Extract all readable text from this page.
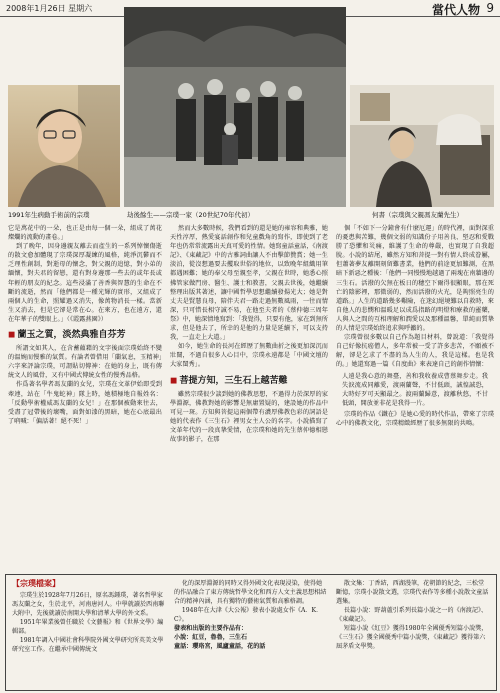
2008年1月26日 星期六	當代人物 9
1991年生病動手術前的宗璞	劫後餘生——宗璞一家（20世紀70年代初）	何書（宗璞與父親馮友蘭先生）
它是萬花中的一朵，也正是由每一個一朵，組成了萬花燦爛的流動的畫卷。」

到了晚年，因身邊親友離去而產生的一系列悼懷傷逝的散文愈加體現了宗璞深厚凝練的風格，純淨沉鬱而不乏理性創制，對逝母的懷念，對父親的追憶，對小弟的緬懷，對夫君的留戀，還有對身邊那一些去的或年長或年輕的朋友的紀念。這些浸滿了善香與智慧的生命在不斷的流逝，然而「他們都是一種光輝的實形，又組成了兩個人的生命，照耀過又消失，像萬物消長一樣。當新生又消去，但是它卻是常在心。在來方，也在遠方，還在年華子的雙眼上。」（《霞露燕園》）

◼ 蘭玉之質，淡然典雅自芬芳

所謂文如其人，在含蓄蘊藉的文字後面宗璞始終不變的溫婉而慢雅的氣質。有論者曾借用「蘭氣息，玉精神」六字來評論宗璞，可謂貼切傳神：在她的身上，既有傳統文人的風骨，又有中國式傳統女性的慢秀品格。

作爲著名學者馮友蘭的女兒，宗璞在文革伊始即受到牽連，站在「牛鬼蛇神」隊上時，她積極地自報姓名：「反動學術權威馮友蘭的女兒！」在那個被動來往去，受盡了冠帶後的壞嘴，面對如漆的黑暗，她在心底最出了吶喊：「偏話著！絕不死！」

然而大多數時候，我們看到的還是她的雍容和典雅，她天性淳厚，熱愛宴話創作和兒童戲角的寫作，即使到了老年也仍常常流露出天真可愛的性情。她寫童話童話，《南渡記》、《東藏記》中的古雅詞曲讓人不由擊節贊賞；她一生淡泊，從沒想過要去攫取世俗的地位，以致晚年組織用筆都遇困難；她的奉父母至親至孝，父親在世時，她悉心照拂管家做門房、醫生、護士和教書，父親去世後，她繼續整理出版其著述，讓中國哲學思想繼續發揚光大；她是對丈夫是賢慧良母，陪伴夫君一路走過無數風雨，一往而情深，只可惜長相守誠不易，在他至夫者的《蔡仲德三周年祭》中，她深情地寫到：「我覺得，只要有他，家在到無所求，但是他去了，所幸的是他的力量是延續下，可以支持我，一直走上大道。」

如今，她生命的長河在經歷了無數曲折之後更加深沉而壯闊，不過自很多人心目中，宗璞永遠都是「中國文壇的大家閨秀」。

◼ 菩提方知，三生石上越苦難

雖然宗璞很少談到她的佛教思想，不過得力於深厚的家學淵源，佛教對她的影響是無庸置疑的，建設她的作品中可見一斑。方知與菩提這兩個帶有濃厚佛教色彩的詞語是她的代表作《三生石》裡男女主人公的名字。小說描寫了文革年代的一段真摯愛情，在宗璞和她的先生蔡仲德相戀故事的影子，在那

個「不如下一分鐘會有什麼厄運」的時代裡，面對深重的憂患與苦難，幾個文弱的知識份子用善良、堅忍和愛戰勝了恐懼和災痛，維護了生命的尊嚴，也實現了自我超脫。小說的結尾，雖然方知和菩提一對有情人終成眷屬，但蕭著夢友離開刻留難書業，他們的前途更加難測，在黑暗下新惡之種後：「他們一同慢慢地越過了兩塊在南牆邊的三生石。活潑的欠無在板日的穗空下爾得很顯眼，那在死亡的陰影裡，那微弱的，然而活潑的火光，是夠照亮生的道路。」人生的道路幾多艱險，在迷幻絕境難以自救時，來自他人的悲憫和溫暖足以成爲指路的明燈和療救的靈藥，人與人之間的互相理解和潤愛以及那種溫馨，單純而質摯的人情是宗璞始終追求與呼籲的。

宗璞曾很多數以自己作為題目材料，曾說道：「我覺得自己好像抗癌僧人，多年常被一受了許多悲苦，不願被不解，卻是乞求了不盡的為人生的人，我是這樣。也是我的。」她還寫過一篇《自度曲》來表達自己的創作情懷：

人遠是我心意的舞臺，善和我收養成曹蔡舞步走。我失淚流成同離愛，渡兩蘭聲，不甘低頭，誠惶誠恐，大時好歹可天顯最之。渡兩蘭歸意，渡離秋悠，不甘低頭，開放並非花是我得一片。

宗璞的作品《鐵在》是她心愛的時代作品，帶來了宗璞心中的佛教文化，宗璞精緻經歷了很多無限的共鳴。

【宗璞檔案】

宗璞生於1928年7月26日，原名馮鍾璞，著名哲學家馮友蘭之女，生於北平，河南唐河人。中學就讀於西南聯大附中，先後就讀於南開大學和清華大學的外文系。

1951年畢業後曾任職於《文藝報》和《世界文學》編輯部。

1981年調入中國社會科學院外國文學研究所英美文學研究室工作。在繼承中國傳統文

化的深厚淵源的同時又得外國文化表現浸染，使得她的作品融合了東方傳統哲學文化和西方人文主義思想相結合的精神內涵，具有獨特的藝術氣質和高雅格調。

1948年在大津《大公報》發表小說處女作《A．K．C》。

發表和出版的主要作品有：

小說：紅豆，魯魯，三生石

童話：瓔珞宮，風廬童話，花的話

散文集：丁香結，西湖漫筆，花朝節的紀念，三松堂斷憶，宗璞小說散文選，宗璞代表作等多種小說散文童話選集。

長篇小說：野葫蘆引系列長篇小說之一的《南渡記》、《東藏記》。

短篇小說《紅豆》獲得1980年全國優秀短篇小說獎，《三生石》獲全國優秀中篇小說獎，《東藏記》獲得第六屆茅盾文學獎。
